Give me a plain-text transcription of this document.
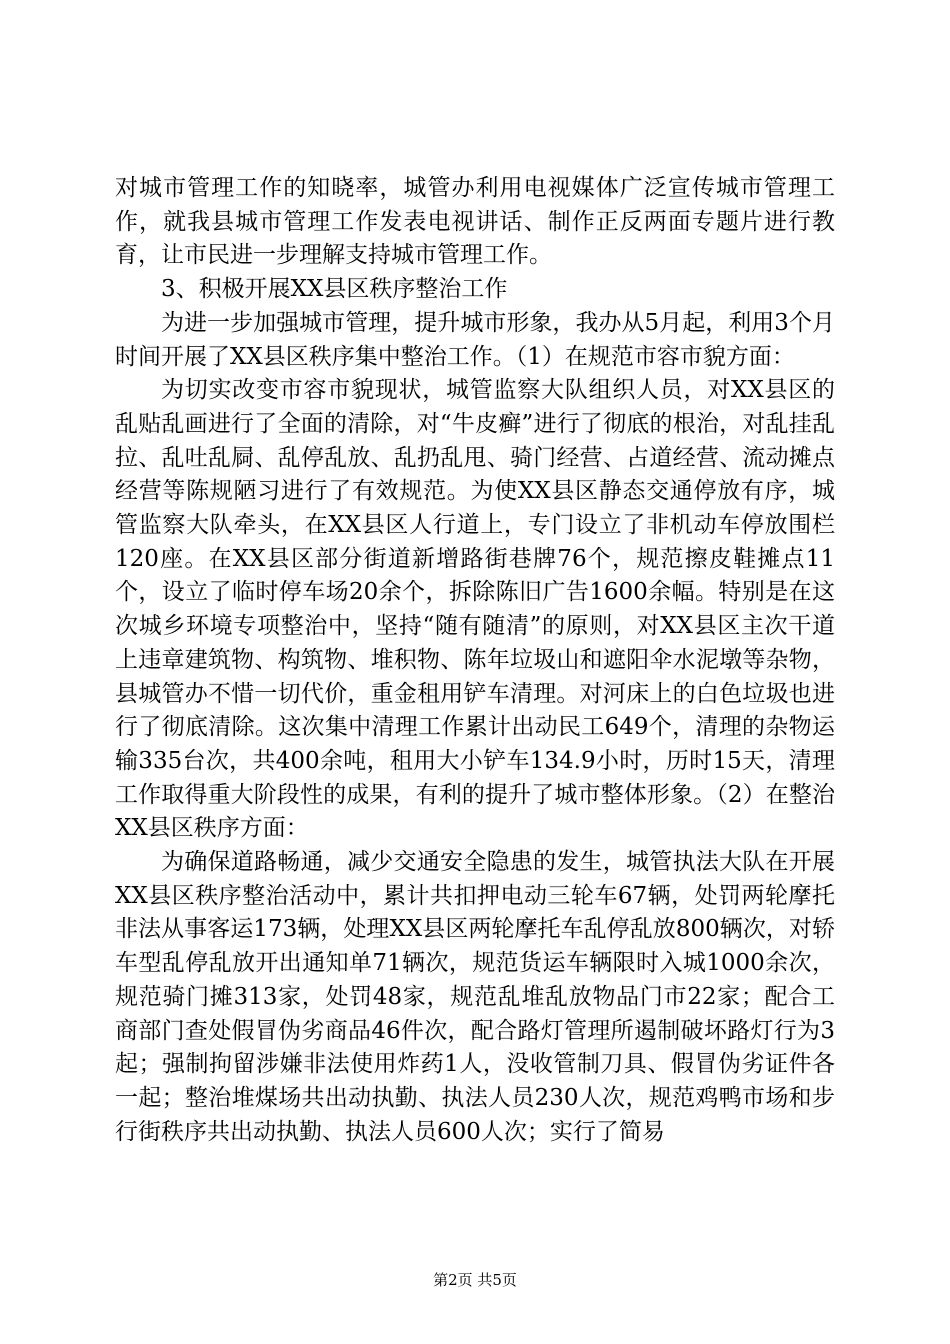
对城市管理工作的知晓率，城管办利用电视媒体广泛宣传城市管理工作，就我县城市管理工作发表电视讲话、制作正反两面专题片进行教育，让市民进一步理解支持城市管理工作。

3、积极开展XX县区秩序整治工作

为进一步加强城市管理，提升城市形象，我办从5月起，利用3个月时间开展了XX县区秩序集中整治工作。（1）在规范市容市貌方面：

为切实改变市容市貌现状，城管监察大队组织人员，对XX县区的乱贴乱画进行了全面的清除，对“牛皮癣”进行了彻底的根治，对乱挂乱拉、乱吐乱屙、乱停乱放、乱扔乱甩、骑门经营、占道经营、流动摊点经营等陈规陋习进行了有效规范。为使XX县区静态交通停放有序，城管监察大队牵头，在XX县区人行道上，专门设立了非机动车停放围栏120座。在XX县区部分街道新增路街巷牌76个，规范擦皮鞋摊点11个，设立了临时停车场20余个，拆除陈旧广告1600余幅。特别是在这次城乡环境专项整治中，坚持“随有随清”的原则，对XX县区主次干道上违章建筑物、构筑物、堆积物、陈年垃圾山和遮阳伞水泥墩等杂物，县城管办不惜一切代价，重金租用铲车清理。对河床上的白色垃圾也进行了彻底清除。这次集中清理工作累计出动民工649个，清理的杂物运输335台次，共400余吨，租用大小铲车134.9小时，历时15天，清理工作取得重大阶段性的成果，有利的提升了城市整体形象。（2）在整治XX县区秩序方面：

为确保道路畅通，减少交通安全隐患的发生，城管执法大队在开展XX县区秩序整治活动中，累计共扣押电动三轮车67辆，处罚两轮摩托非法从事客运173辆，处理XX县区两轮摩托车乱停乱放800辆次，对轿车型乱停乱放开出通知单71辆次，规范货运车辆限时入城1000余次，规范骑门摊313家，处罚48家，规范乱堆乱放物品门市22家；配合工商部门查处假冒伪劣商品46件次，配合路灯管理所遏制破坏路灯行为3起；强制拘留涉嫌非法使用炸药1人，没收管制刀具、假冒伪劣证件各一起；整治堆煤场共出动执勤、执法人员230人次，规范鸡鸭市场和步行街秩序共出动执勤、执法人员600人次；实行了简易

第2页 共5页
